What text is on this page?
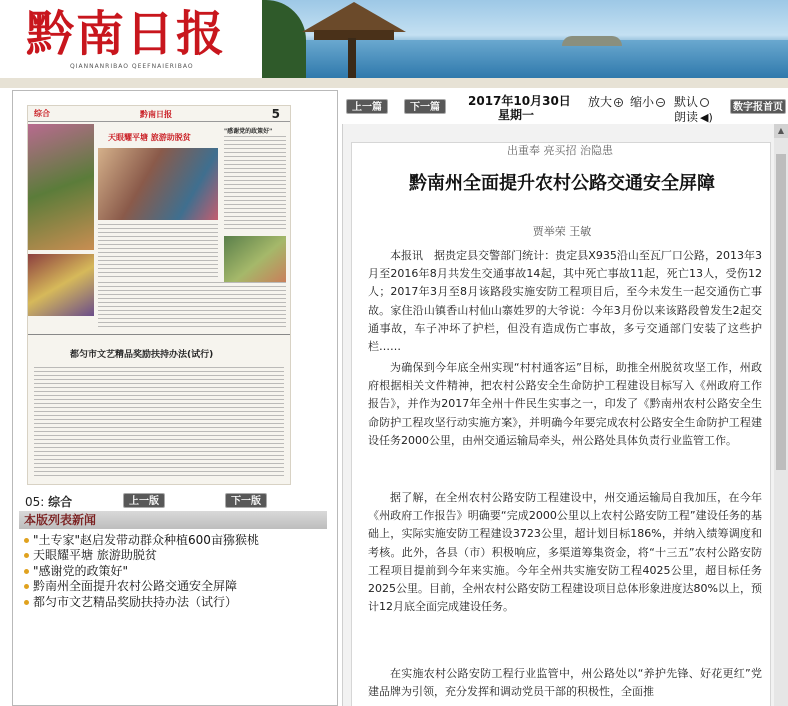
黔南日报
QIANNANRIBAO QEEFNAIERIBAO
综合	黔南日报	5
天眼耀平塘 旅游助脱贫
"感谢党的政策好"
都匀市文艺精品奖励扶持办法(试行)
05: 综合	上一版	下一版
本版列表新闻
"土专家"赵启发带动群众种植600亩猕猴桃
天眼耀平塘 旅游助脱贫
"感谢党的政策好"
黔南州全面提升农村公路交通安全屏障
都匀市文艺精品奖励扶持办法（试行）
上一篇	下一篇	2017年10月30日
星期一
放大 + 缩小 − 默认
朗读 ◀)
数字报首页
出重奉 亮买招 治隐患
黔南州全面提升农村公路交通安全屏障
贾举荣 王敏

本报讯　据贵定县交警部门统计：贵定县X935沿山至瓦厂口公路，2013年3月至2016年8月共发生交通事故14起，其中死亡事故11起，死亡13人，受伤12人；2017年3月至8月该路段实施安防工程项目后，至今未发生一起交通伤亡事故。家住沿山镇香山村仙山寨姓罗的大爷说：今年3月份以来该路段曾发生2起交通事故，车子冲坏了护栏，但没有造成伤亡事故，多亏交通部门安装了这些护栏……

为确保到今年底全州实现“村村通客运”目标，助推全州脱贫攻坚工作，州政府根据相关文件精神，把农村公路安全生命防护工程建设目标写入《州政府工作报告》，并作为2017年全州十件民生实事之一，印发了《黔南州农村公路安全生命防护工程攻坚行动实施方案》，并明确今年要完成农村公路安全生命防护工程建设任务2000公里，由州交通运输局牵头，州公路处具体负责行业监管工作。

据了解，在全州农村公路安防工程建设中，州交通运输局自我加压，在今年《州政府工作报告》明确要“完成2000公里以上农村公路安防工程”建设任务的基础上，实际实施安防工程建设3723公里，超计划目标186%，并纳入绩筹调度和考核。此外，各县（市）积极响应，多渠道筹集资金，将“十三五”农村公路安防工程项目提前到今年来实施。今年全州共实施安防工程4025公里，超目标任务2025公里。目前，全州农村公路安防工程建设项目总体形象进度达80%以上，预计12月底全面完成建设任务。

在实施农村公路安防工程行业监管中，州公路处以“养护先锋、好花更红”党建品牌为引领，充分发挥和调动党员干部的积极性，全面推

▲
